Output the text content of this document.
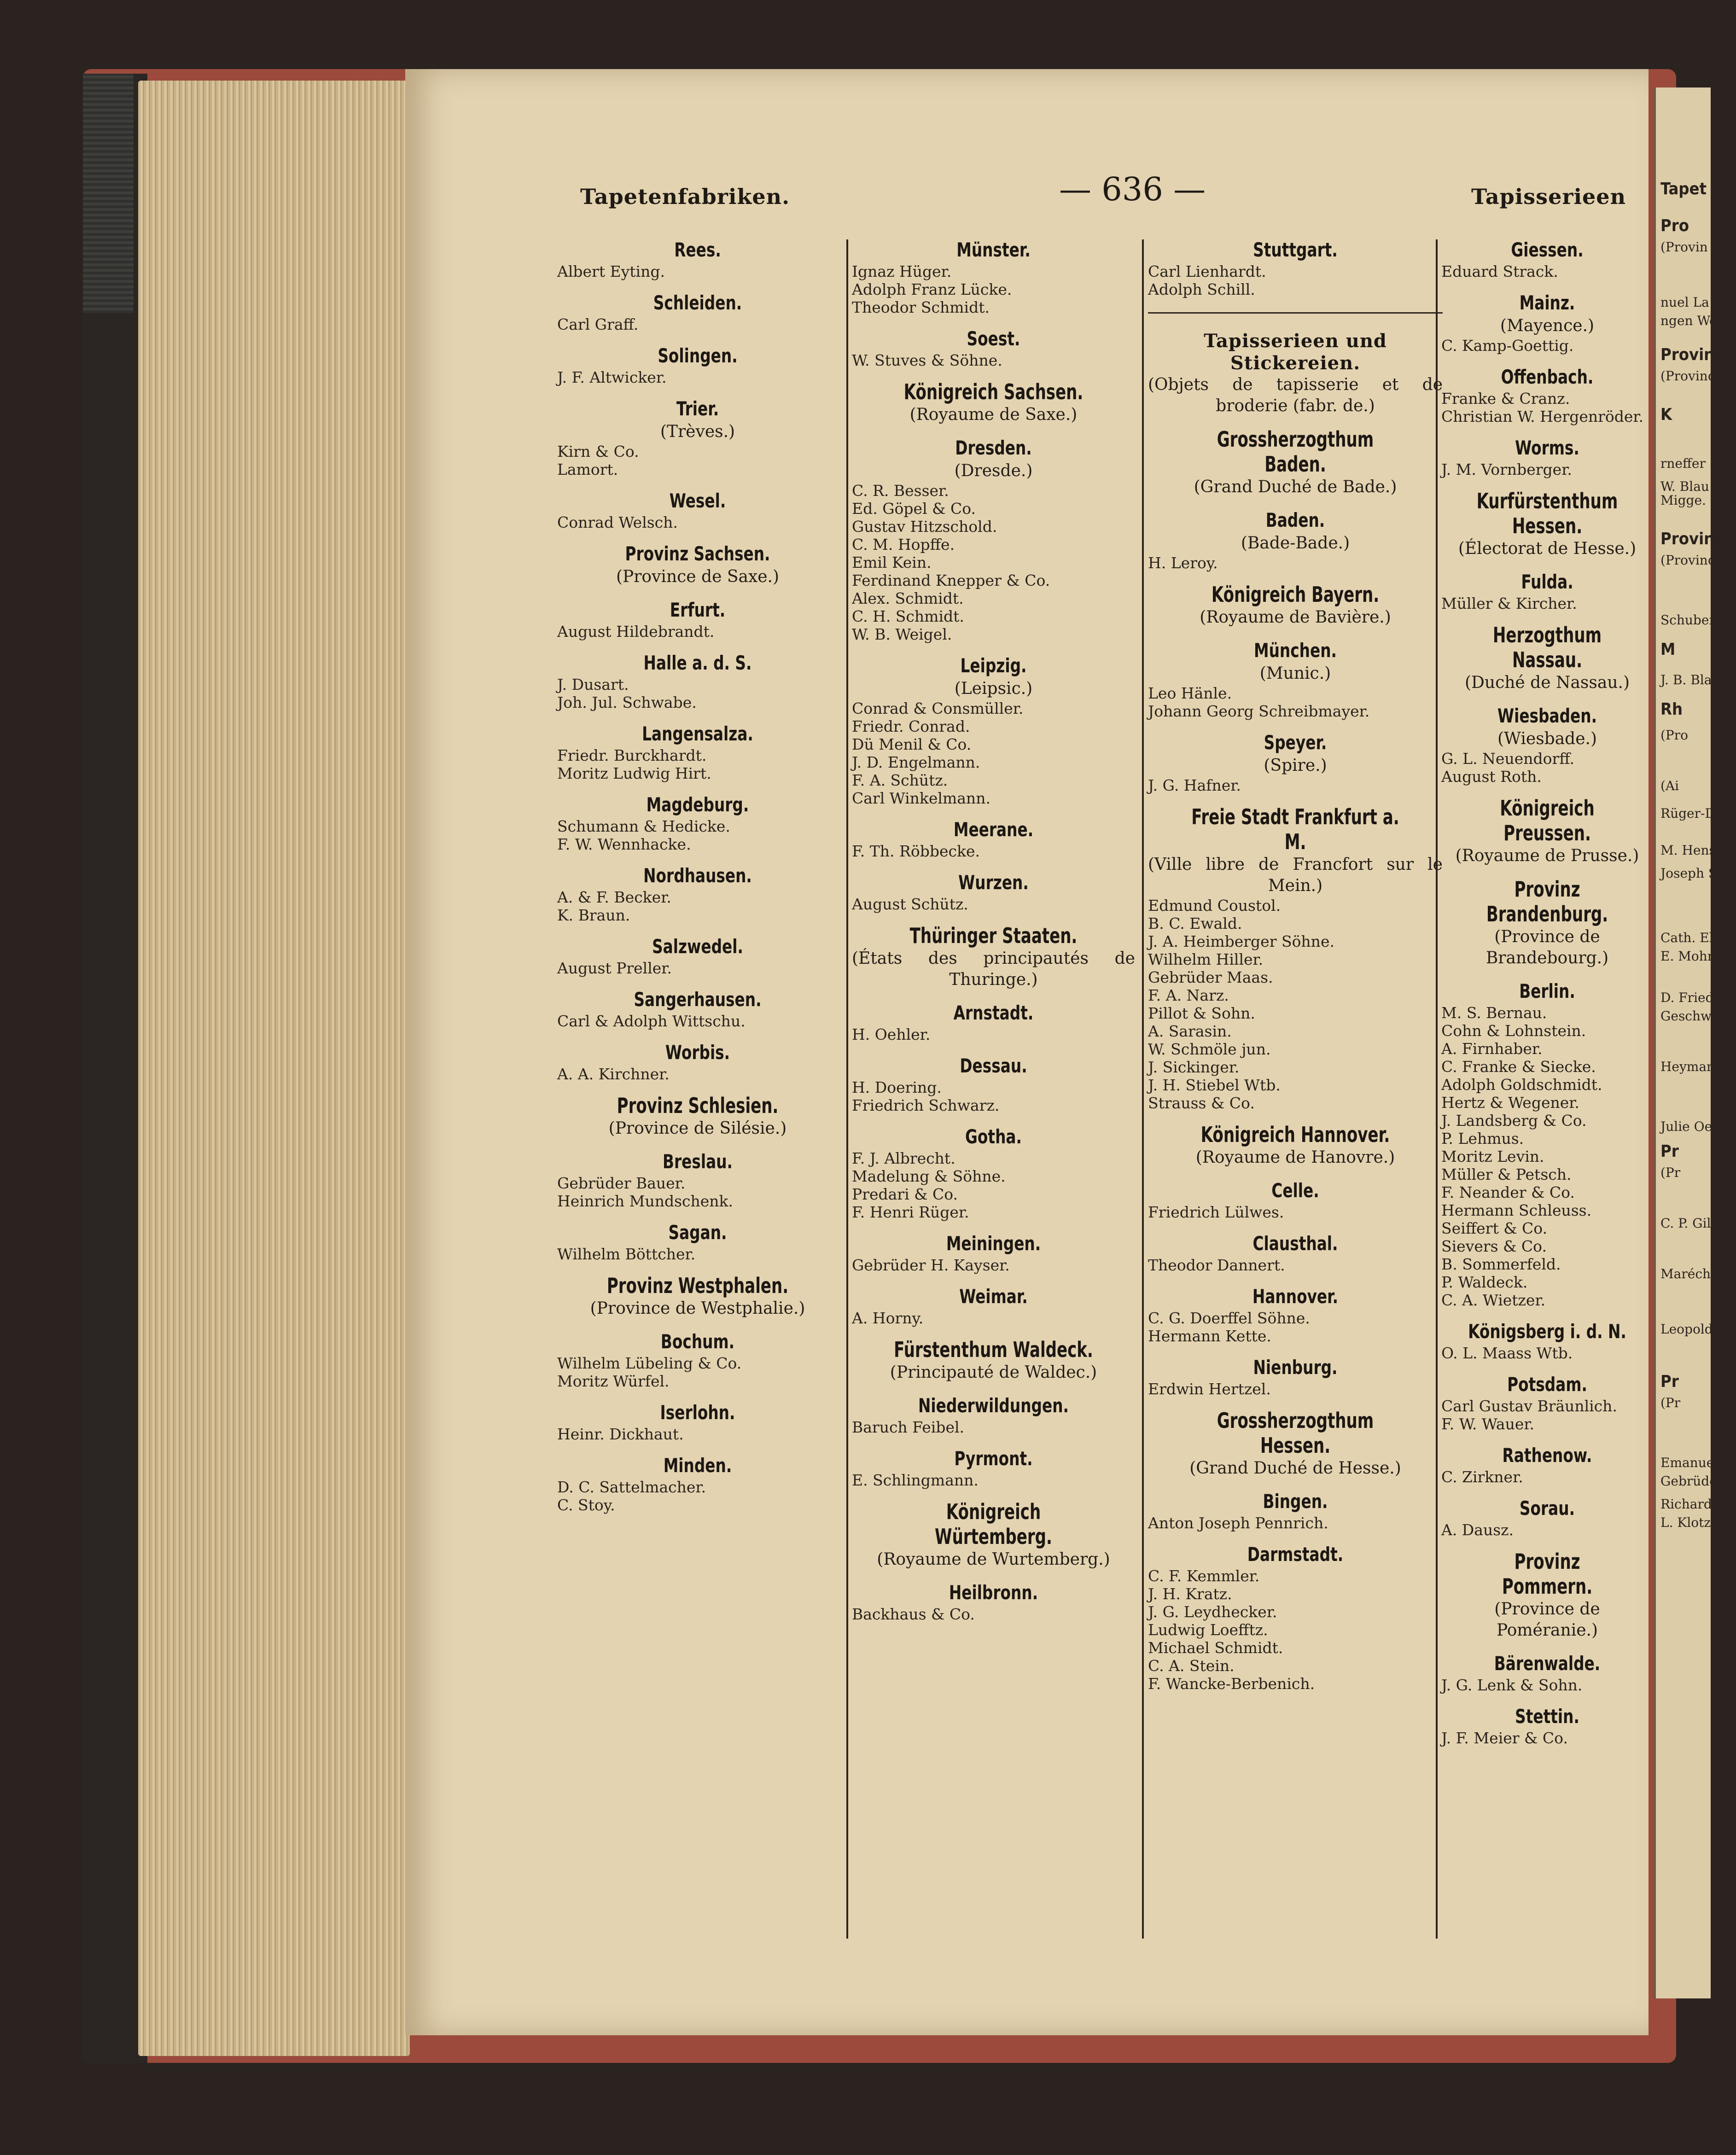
Tapetenfabriken.	— 636 —	Tapisserieen
Rees.
Albert Eyting.
Schleiden.
Carl Graff.
Solingen.
J. F. Altwicker.
Trier.
(Trèves.)
Kirn & Co.
Lamort.
Wesel.
Conrad Welsch.
Provinz Sachsen.
(Province de Saxe.)
Erfurt.
August Hildebrandt.
Halle a. d. S.
J. Dusart.
Joh. Jul. Schwabe.
Langensalza.
Friedr. Burckhardt.
Moritz Ludwig Hirt.
Magdeburg.
Schumann & Hedicke.
F. W. Wennhacke.
Nordhausen.
A. & F. Becker.
K. Braun.
Salzwedel.
August Preller.
Sangerhausen.
Carl & Adolph Wittschu.
Worbis.
A. A. Kirchner.
Provinz Schlesien.
(Province de Silésie.)
Breslau.
Gebrüder Bauer.
Heinrich Mundschenk.
Sagan.
Wilhelm Böttcher.
Provinz Westphalen.
(Province de Westphalie.)
Bochum.
Wilhelm Lübeling & Co.
Moritz Würfel.
Iserlohn.
Heinr. Dickhaut.
Minden.
D. C. Sattelmacher.
C. Stoy.
Münster.
Ignaz Hüger.
Adolph Franz Lücke.
Theodor Schmidt.
Soest.
W. Stuves & Söhne.
Königreich Sachsen.
(Royaume de Saxe.)
Dresden.
(Dresde.)
C. R. Besser.
Ed. Göpel & Co.
Gustav Hitzschold.
C. M. Hopffe.
Emil Kein.
Ferdinand Knepper & Co.
Alex. Schmidt.
C. H. Schmidt.
W. B. Weigel.
Leipzig.
(Leipsic.)
Conrad & Consmüller.
Friedr. Conrad.
Dü Menil & Co.
J. D. Engelmann.
F. A. Schütz.
Carl Winkelmann.
Meerane.
F. Th. Röbbecke.
Wurzen.
August Schütz.
Thüringer Staaten.
(États des principautés de Thuringe.)
Arnstadt.
H. Oehler.
Dessau.
H. Doering.
Friedrich Schwarz.
Gotha.
F. J. Albrecht.
Madelung & Söhne.
Predari & Co.
F. Henri Rüger.
Meiningen.
Gebrüder H. Kayser.
Weimar.
A. Horny.
Fürstenthum Waldeck.
(Principauté de Waldec.)
Niederwildungen.
Baruch Feibel.
Pyrmont.
E. Schlingmann.
Königreich Würtemberg.
(Royaume de Wurtemberg.)
Heilbronn.
Backhaus & Co.
Stuttgart.
Carl Lienhardt.
Adolph Schill.
Tapisserieen und Stickereien.
(Objets de tapisserie et de broderie (fabr. de.)
Grossherzogthum Baden.
(Grand Duché de Bade.)
Baden.
(Bade-Bade.)
H. Leroy.
Königreich Bayern.
(Royaume de Bavière.)
München.
(Munic.)
Leo Hänle.
Johann Georg Schreibmayer.
Speyer.
(Spire.)
J. G. Hafner.
Freie Stadt Frankfurt a. M.
(Ville libre de Francfort sur le Mein.)
Edmund Coustol.
B. C. Ewald.
J. A. Heimberger Söhne.
Wilhelm Hiller.
Gebrüder Maas.
F. A. Narz.
Pillot & Sohn.
A. Sarasin.
W. Schmöle jun.
J. Sickinger.
J. H. Stiebel Wtb.
Strauss & Co.
Königreich Hannover.
(Royaume de Hanovre.)
Celle.
Friedrich Lülwes.
Clausthal.
Theodor Dannert.
Hannover.
C. G. Doerffel Söhne.
Hermann Kette.
Nienburg.
Erdwin Hertzel.
Grossherzogthum Hessen.
(Grand Duché de Hesse.)
Bingen.
Anton Joseph Pennrich.
Darmstadt.
C. F. Kemmler.
J. H. Kratz.
J. G. Leydhecker.
Ludwig Loefftz.
Michael Schmidt.
C. A. Stein.
F. Wancke-Berbenich.
Giessen.
Eduard Strack.
Mainz.
(Mayence.)
C. Kamp-Goettig.
Offenbach.
Franke & Cranz.
Christian W. Hergenröder.
Worms.
J. M. Vornberger.
Kurfürstenthum Hessen.
(Électorat de Hesse.)
Fulda.
Müller & Kircher.
Herzogthum Nassau.
(Duché de Nassau.)
Wiesbaden.
(Wiesbade.)
G. L. Neuendorff.
August Roth.
Königreich Preussen.
(Royaume de Prusse.)
Provinz Brandenburg.
(Province de Brandebourg.)
Berlin.
M. S. Bernau.
Cohn & Lohnstein.
A. Firnhaber.
C. Franke & Siecke.
Adolph Goldschmidt.
Hertz & Wegener.
J. Landsberg & Co.
P. Lehmus.
Moritz Levin.
Müller & Petsch.
F. Neander & Co.
Hermann Schleuss.
Seiffert & Co.
Sievers & Co.
B. Sommerfeld.
P. Waldeck.
C. A. Wietzer.
Königsberg i. d. N.
O. L. Maass Wtb.
Potsdam.
Carl Gustav Bräunlich.
F. W. Wauer.
Rathenow.
C. Zirkner.
Sorau.
A. Dausz.
Provinz Pommern.
(Province de Poméranie.)
Bärenwalde.
J. G. Lenk & Sohn.
Stettin.
J. F. Meier & Co.
Tapet
Pro
(Provin
nuel La
ngen Wer
Provinz
(Provinc
K
rneffer &
W. Blau
Migge.
Provinz
(Province
Schubert &
M
J. B. Blau.
Rh
(Pro
(Ai
Rüger-Due
M. Hensele
Joseph Sch
Cath. Elke
E. Mohr g
D. Friedhe
Geschwiste
Heymann
Julie Oeh
Pr
(Pr
C. P. Gil
Maréchal
Leopold
Pr
(Pr
Emanuel
Gebrüder
Richard
L. Klotz
